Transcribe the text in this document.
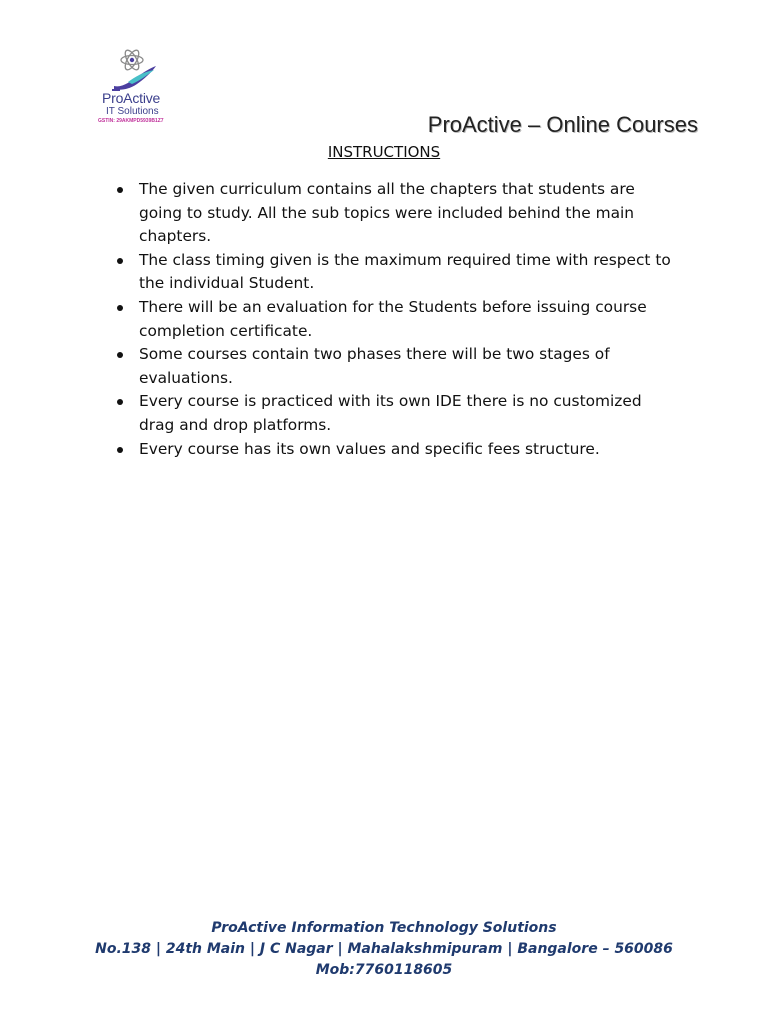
ProActive
IT Solutions
GSTIN: 29AKMPD5939B1Z7	ProActive – Online Courses
INSTRUCTIONS
The given curriculum contains all the chapters that students are going to study. All the sub topics were included behind the main chapters.
The class timing given is the maximum required time with respect to the individual Student.
There will be an evaluation for the Students before issuing course completion certificate.
Some courses contain two phases there will be two stages of evaluations.
Every course is practiced with its own IDE there is no customized drag and drop platforms.
Every course has its own values and specific fees structure.
ProActive Information Technology Solutions
No.138 | 24th Main | J C Nagar | Mahalakshmipuram | Bangalore – 560086
Mob:7760118605
